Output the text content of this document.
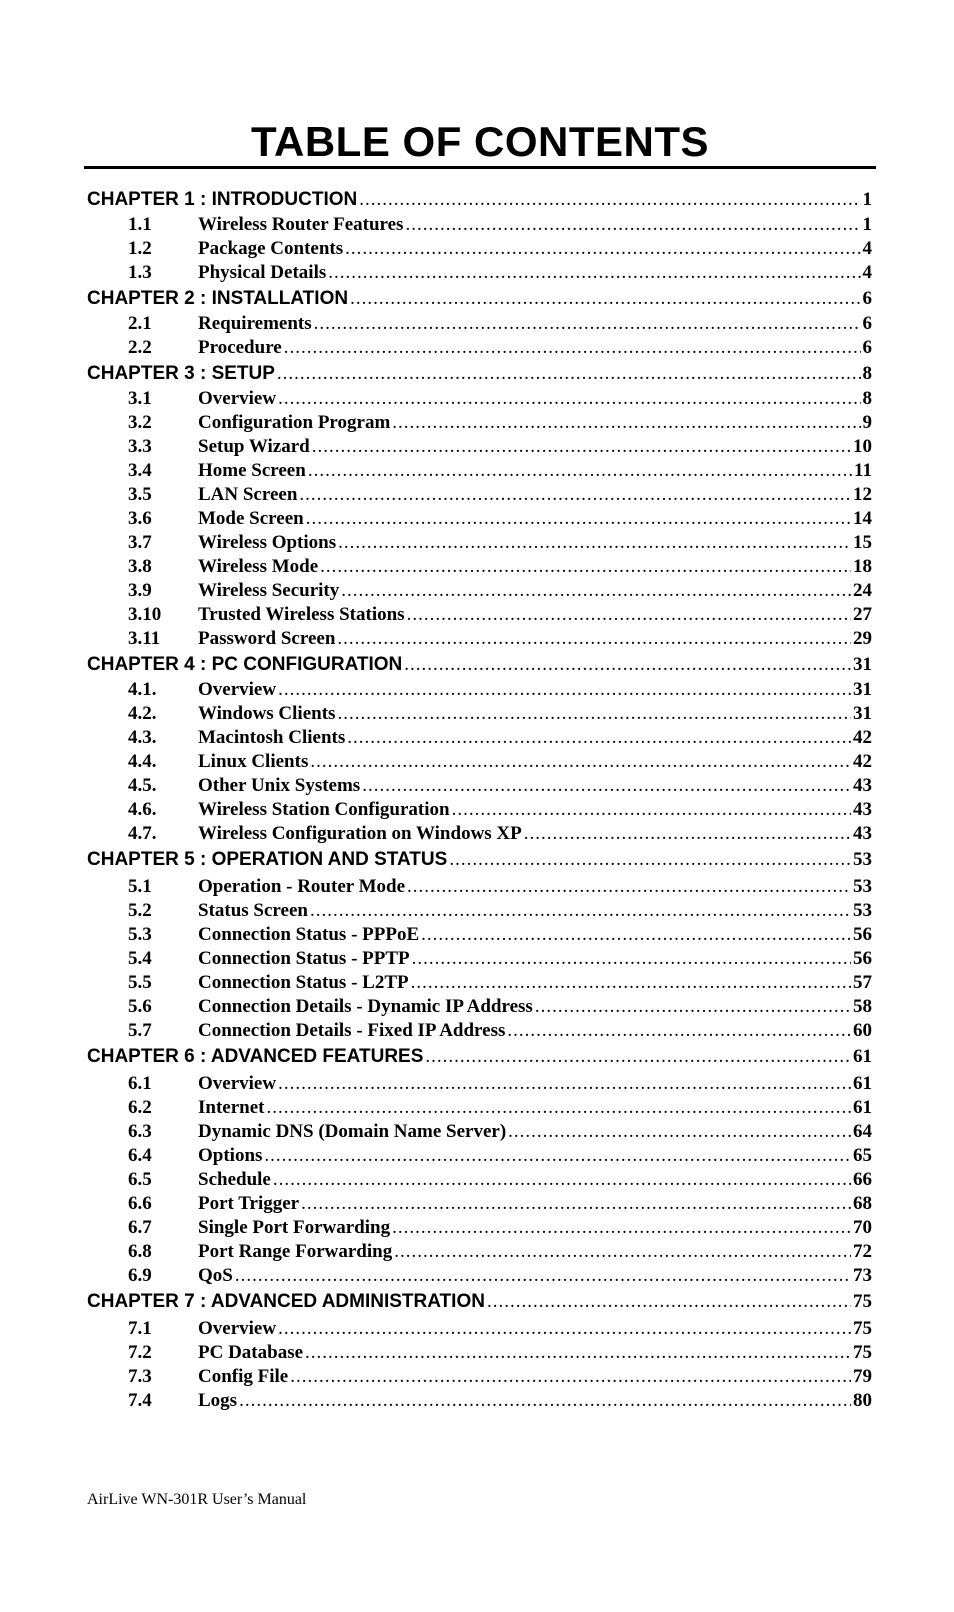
TABLE OF CONTENTS
CHAPTER 1 : INTRODUCTION .....	1
1.1	Wireless Router Features .....	1
1.2	Package Contents .....	4
1.3	Physical Details .....	4
CHAPTER 2 : INSTALLATION .....	6
2.1	Requirements .....	6
2.2	Procedure .....	6
CHAPTER 3 : SETUP .....	8
3.1	Overview .....	8
3.2	Configuration Program .....	9
3.3	Setup Wizard .....	10
3.4	Home Screen .....	11
3.5	LAN Screen .....	12
3.6	Mode Screen .....	14
3.7	Wireless Options .....	15
3.8	Wireless Mode .....	18
3.9	Wireless Security .....	24
3.10	Trusted Wireless Stations .....	27
3.11	Password Screen .....	29
CHAPTER 4 : PC CONFIGURATION .....	31
4.1.	Overview .....	31
4.2.	Windows Clients .....	31
4.3.	Macintosh Clients .....	42
4.4.	Linux Clients .....	42
4.5.	Other Unix Systems .....	43
4.6.	Wireless Station Configuration .....	43
4.7.	Wireless Configuration on Windows XP .....	43
CHAPTER 5 : OPERATION AND STATUS .....	53
5.1	Operation - Router Mode .....	53
5.2	Status Screen .....	53
5.3	Connection Status - PPPoE .....	56
5.4	Connection Status - PPTP .....	56
5.5	Connection Status - L2TP .....	57
5.6	Connection Details - Dynamic IP Address .....	58
5.7	Connection Details - Fixed IP Address .....	60
CHAPTER 6 : ADVANCED FEATURES .....	61
6.1	Overview .....	61
6.2	Internet .....	61
6.3	Dynamic DNS (Domain Name Server) .....	64
6.4	Options .....	65
6.5	Schedule .....	66
6.6	Port Trigger .....	68
6.7	Single Port Forwarding .....	70
6.8	Port Range Forwarding .....	72
6.9	QoS .....	73
CHAPTER 7 : ADVANCED ADMINISTRATION .....	75
7.1	Overview .....	75
7.2	PC Database .....	75
7.3	Config File .....	79
7.4	Logs .....	80
AirLive WN-301R User’s Manual
